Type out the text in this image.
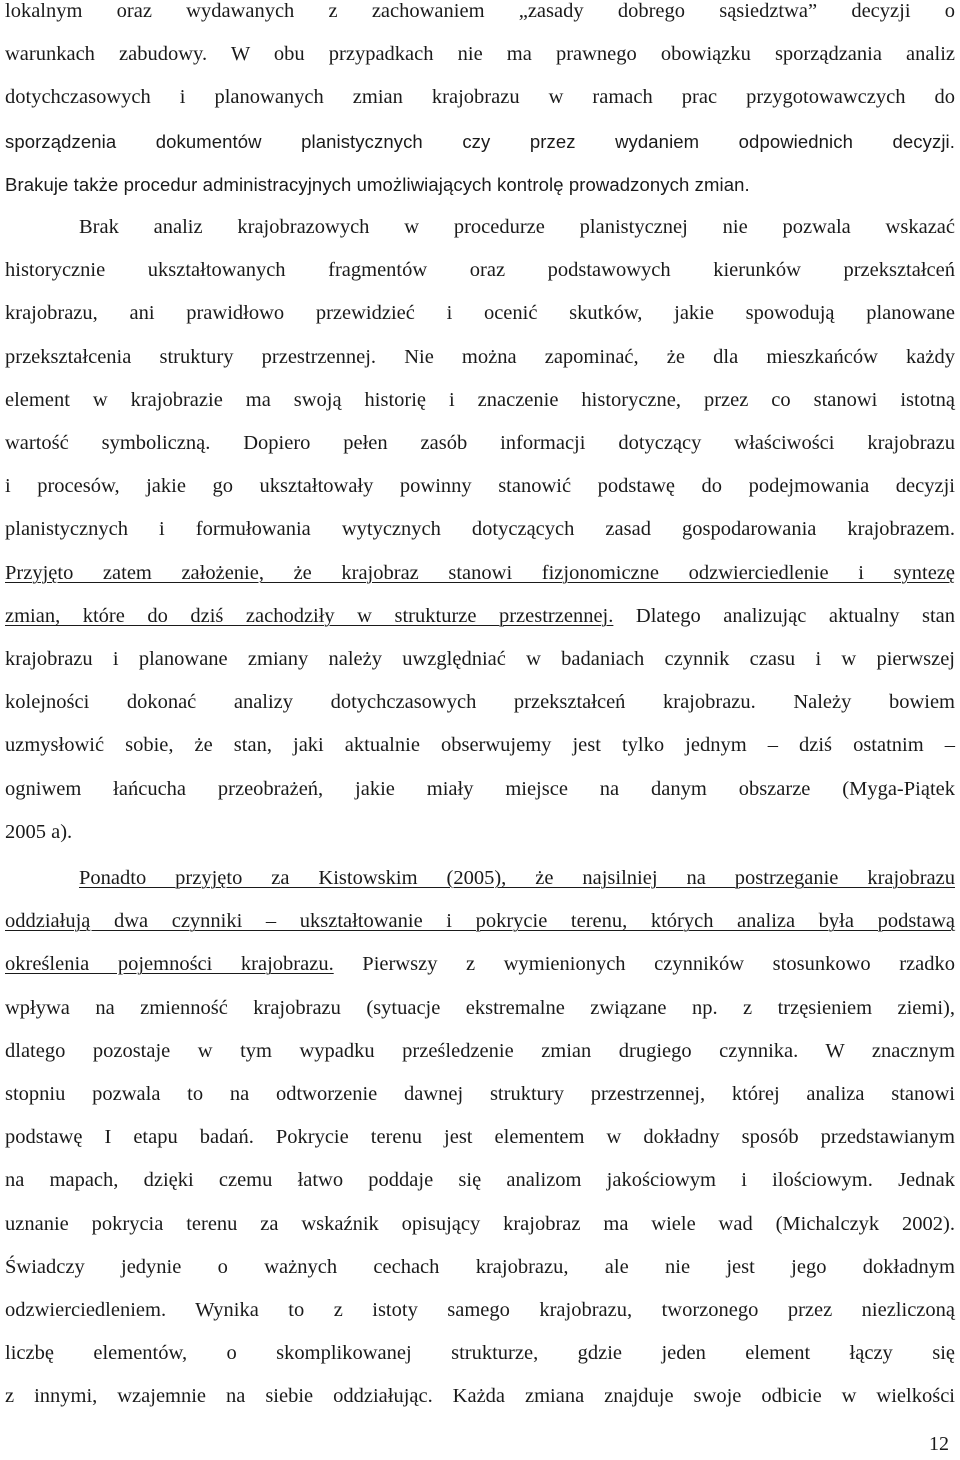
lokalnym oraz wydawanych z zachowaniem „zasady dobrego sąsiedztwa” decyzji o
warunkach zabudowy. W obu przypadkach nie ma prawnego obowiązku sporządzania analiz
dotychczasowych i planowanych zmian krajobrazu w ramach prac przygotowawczych do
sporządzenia dokumentów planistycznych czy przez wydaniem odpowiednich decyzji.
Brakuje także procedur administracyjnych umożliwiających kontrolę prowadzonych zmian.
Brak analiz krajobrazowych w procedurze planistycznej nie pozwala wskazać
historycznie ukształtowanych fragmentów oraz podstawowych kierunków przekształceń
krajobrazu, ani prawidłowo przewidzieć i ocenić skutków, jakie spowodują planowane
przekształcenia struktury przestrzennej. Nie można zapominać, że dla mieszkańców każdy
element w krajobrazie ma swoją historię i znaczenie historyczne, przez co stanowi istotną
wartość symboliczną. Dopiero pełen zasób informacji dotyczący właściwości krajobrazu
i procesów, jakie go ukształtowały powinny stanowić podstawę do podejmowania decyzji
planistycznych i formułowania wytycznych dotyczących zasad gospodarowania krajobrazem.
Przyjęto zatem założenie, że krajobraz stanowi fizjonomiczne odzwierciedlenie i syntezę
zmian, które do dziś zachodziły w strukturze przestrzennej. Dlatego analizując aktualny stan
krajobrazu i planowane zmiany należy uwzględniać w badaniach czynnik czasu i w pierwszej
kolejności dokonać analizy dotychczasowych przekształceń krajobrazu. Należy bowiem
uzmysłowić sobie, że stan, jaki aktualnie obserwujemy jest tylko jednym – dziś ostatnim –
ogniwem łańcucha przeobrażeń, jakie miały miejsce na danym obszarze (Myga-Piątek
2005 a).
Ponadto przyjęto za Kistowskim (2005), że najsilniej na postrzeganie krajobrazu
oddziałują dwa czynniki – ukształtowanie i pokrycie terenu, których analiza była podstawą
określenia pojemności krajobrazu. Pierwszy z wymienionych czynników stosunkowo rzadko
wpływa na zmienność krajobrazu (sytuacje ekstremalne związane np. z trzęsieniem ziemi),
dlatego pozostaje w tym wypadku prześledzenie zmian drugiego czynnika. W znacznym
stopniu pozwala to na odtworzenie dawnej struktury przestrzennej, której analiza stanowi
podstawę I etapu badań. Pokrycie terenu jest elementem w dokładny sposób przedstawianym
na mapach, dzięki czemu łatwo poddaje się analizom jakościowym i ilościowym. Jednak
uznanie pokrycia terenu za wskaźnik opisujący krajobraz ma wiele wad (Michalczyk 2002).
Świadczy jedynie o ważnych cechach krajobrazu, ale nie jest jego dokładnym
odzwierciedleniem. Wynika to z istoty samego krajobrazu, tworzonego przez niezliczoną
liczbę elementów, o skomplikowanej strukturze, gdzie jeden element łączy się
z innymi, wzajemnie na siebie oddziałując. Każda zmiana znajduje swoje odbicie w wielkości
12
